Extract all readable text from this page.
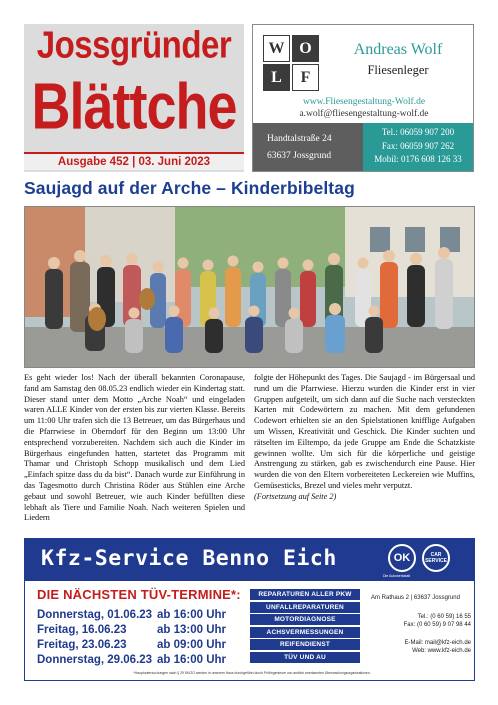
Jossgründer
Blättche
Ausgabe 452 | 03. Juni 2023
W O
L	F
Andreas Wolf
Fliesenleger
www.Fliesengestaltung-Wolf.de
a.wolf@fliesengestaltung-wolf.de
Handtalstraße 24
63637 Jossgrund
Tel.: 06059 907 200
Fax: 06059 907 262
Mobil: 0176 608 126 33
Saujagd auf der Arche – Kinderbibeltag
Es geht wieder los! Nach der überall bekannten Coronapause, fand am Samstag den 08.05.23 endlich wieder ein Kindertag statt. Dieser stand unter dem Motto „Arche Noah“ und eingeladen waren ALLE Kinder von der ersten bis zur vierten Klasse. Bereits um 11:00 Uhr trafen sich die 13 Betreuer, um das Bürgerhaus und die Pfarrwiese in Oberndorf für den Beginn um 13:00 Uhr entsprechend vorzubereiten. Nachdem sich auch die Kinder im Bürgerhaus eingefunden hatten, startetet das Programm mit Thamar und Christoph Schopp musikalisch und dem Lied „Einfach spitze dass du da bist“. Danach wurde zur Einführung in das Tagesmotto durch Christina Röder aus Stühlen eine Arche gebaut und sowohl Betreuer, wie auch Kinder befüllten diese lebhaft als Tiere und Familie Noah. Nach weiteren Spielen und Liedern
folgte der Höhepunkt des Tages. Die Saujagd - im Bürgersaal und rund um die Pfarrwiese. Hierzu wurden die Kinder erst in vier Gruppen aufgeteilt, um sich dann auf die Suche nach versteckten Karten mit Codewörtern zu machen. Mit dem gefundenen Codewort erhielten sie an den Spielstationen knifflige Aufgaben um Wissen, Kreativität und Geschick. Die Kinder suchten und rätselten im Eiltempo, da jede Gruppe am Ende die Schatzkiste gewinnen wollte. Um sich für die körperliche und geistige Anstrengung zu stärken, gab es zwischendurch eine Pause. Hier wurden die von den Eltern vorbereiteten Leckereien wie Muffins, Gemüsesticks, Brezel und vieles mehr verputzt.
(Fortsetzung auf Seite 2)
Kfz-Service Benno Eich	OK	CAR SERVICE
Die Autowerkstatt
DIE NÄCHSTEN TÜV-TERMINE*:
Donnerstag, 01.06.23 ab 16:00 Uhr
Freitag, 16.06.23	ab 13:00 Uhr
Freitag, 23.06.23	ab 09:00 Uhr
Donnerstag, 29.06.23 ab 16:00 Uhr
REPARATUREN ALLER PKW
UNFALLREPARATUREN
MOTORDIAGNOSE
ACHSVERMESSUNGEN
REIFENDIENST
TÜV UND AU
Am Rathaus 2 | 63637 Jossgrund
Tel.: (0 60 59) 16 55
Fax: (0 60 59) 9 07 98 44
E-Mail: mail@kfz-eich.de
Web: www.kfz-eich.de
*Hauptuntersuchungen nach § 29 StVZO werden in unserem Haus durchgeführt durch Prüfingenieure von amtlich anerkannten Überwachungsorganisationen.
